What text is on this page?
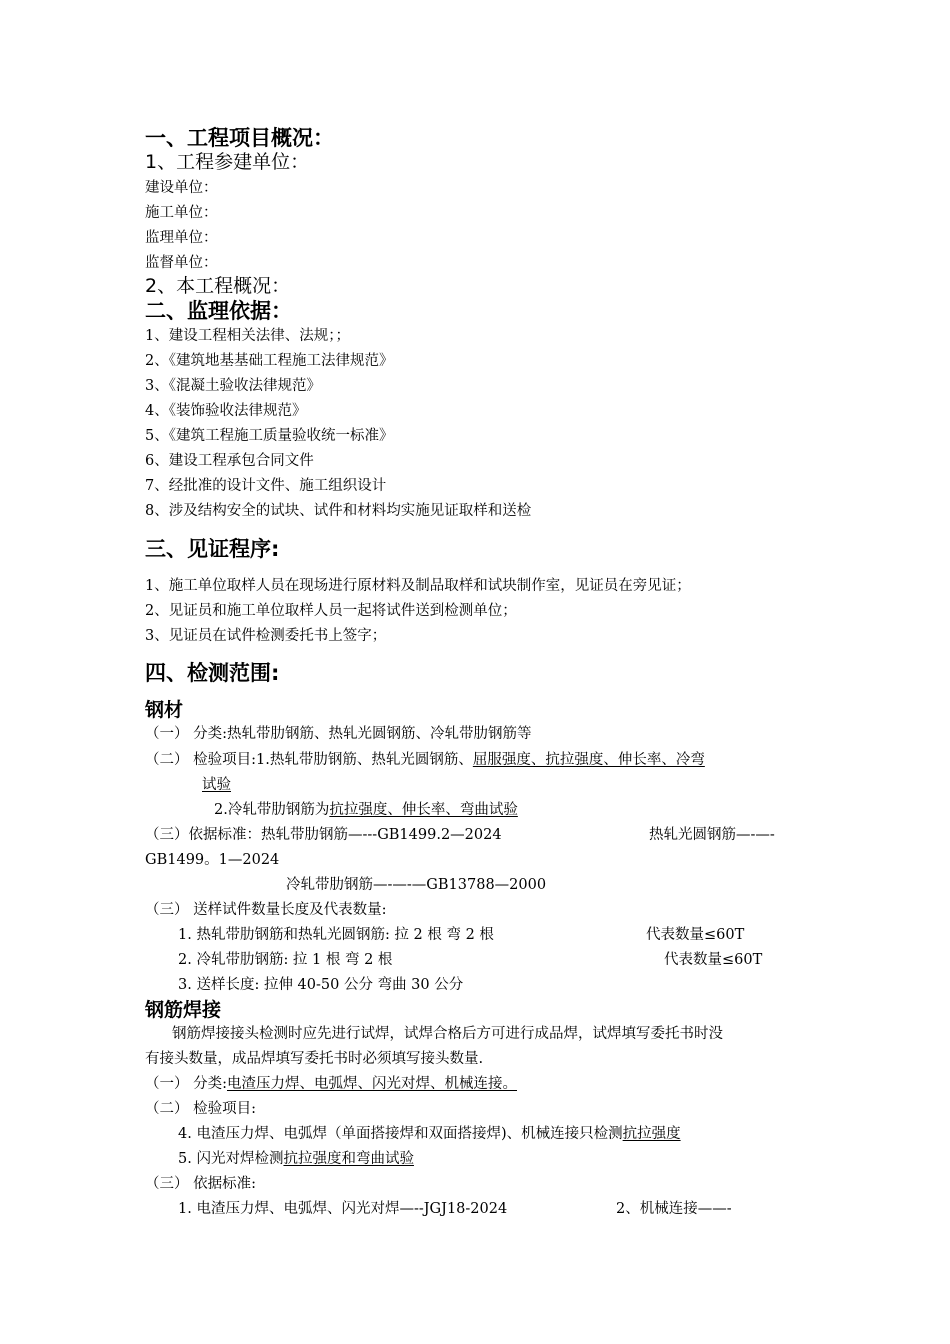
一、工程项目概况：
1、工程参建单位：
建设单位：
施工单位：
监理单位：
监督单位：
2、本工程概况：
二、监理依据：
1、建设工程相关法律、法规；；
2、《建筑地基基础工程施工法律规范》
3、《混凝土验收法律规范》
4、《装饰验收法律规范》
5、《建筑工程施工质量验收统一标准》
6、建设工程承包合同文件
7、经批准的设计文件、施工组织设计
8、涉及结构安全的试块、试件和材料均实施见证取样和送检
三、见证程序:
1、施工单位取样人员在现场进行原材料及制品取样和试块制作室，见证员在旁见证；
2、见证员和施工单位取样人员一起将试件送到检测单位；
3、见证员在试件检测委托书上签字；
四、检测范围:
钢材
（一） 分类:热轧带肋钢筋、热轧光圆钢筋、冷轧带肋钢筋等
（二） 检验项目:1.热轧带肋钢筋、热轧光圆钢筋、屈服强度、抗拉强度、伸长率、冷弯
试验
2.冷轧带肋钢筋为抗拉强度、伸长率、弯曲试验
（三）依据标准：热轧带肋钢筋—---GB1499.2—2024	热轧光圆钢筋—-—-
GB1499。1—2024
冷轧带肋钢筋—-—-—GB13788—2000
（三） 送样试件数量长度及代表数量:
1. 热轧带肋钢筋和热轧光圆钢筋: 拉 2 根 弯 2 根	代表数量≤60T
2. 冷轧带肋钢筋: 拉 1 根 弯 2 根	代表数量≤60T
3. 送样长度: 拉伸 40-50 公分 弯曲 30 公分
钢筋焊接
钢筋焊接接头检测时应先进行试焊，试焊合格后方可进行成品焊，试焊填写委托书时没
有接头数量，成品焊填写委托书时必须填写接头数量.
（一） 分类:电渣压力焊、电弧焊、闪光对焊、机械连接。
（二） 检验项目:
4. 电渣压力焊、电弧焊（单面搭接焊和双面搭接焊)、机械连接只检测抗拉强度
5. 闪光对焊检测抗拉强度和弯曲试验
（三） 依据标准:
1. 电渣压力焊、电弧焊、闪光对焊—--JGJ18-2024	2、机械连接——-
